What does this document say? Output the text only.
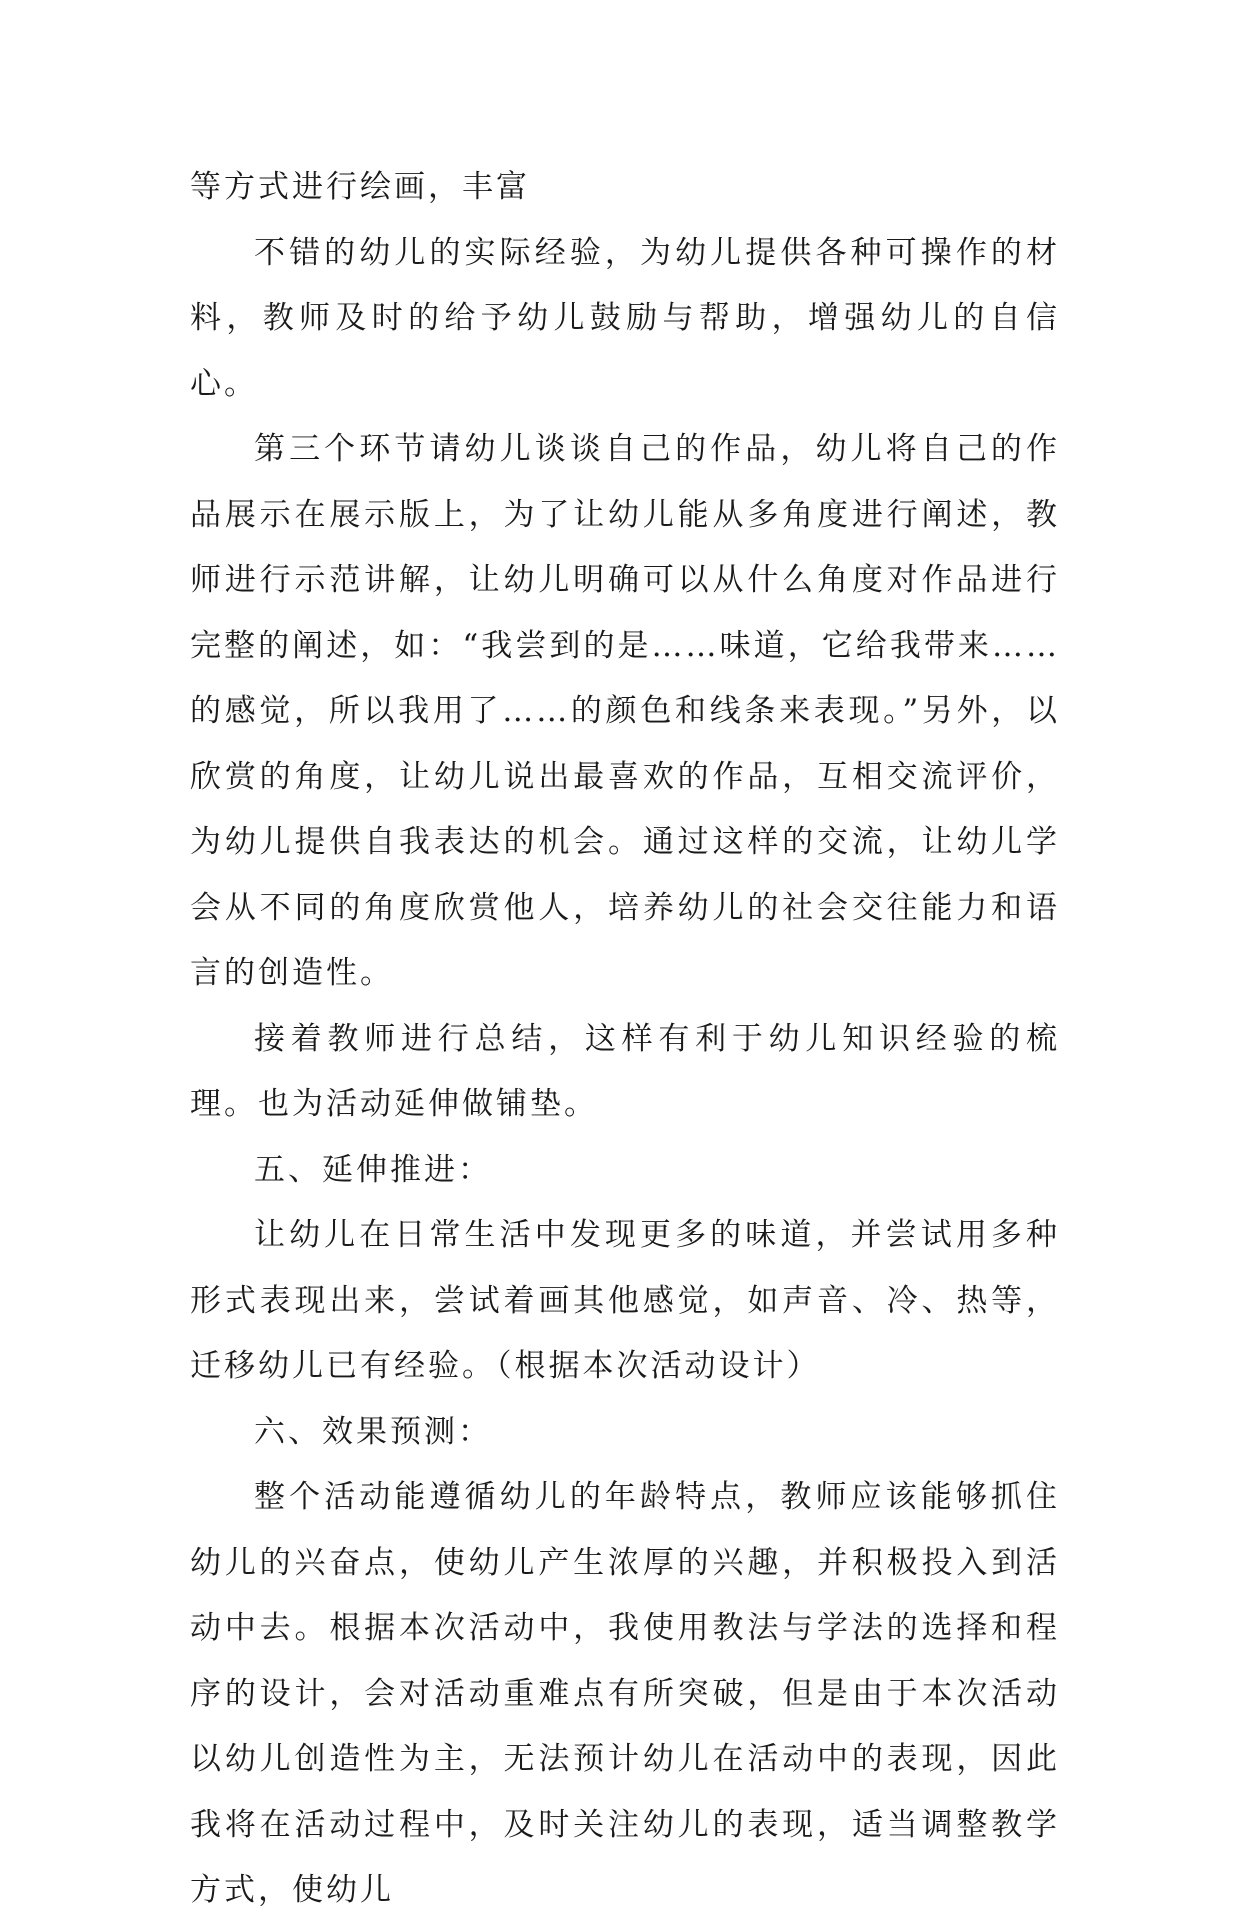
等方式进行绘画，丰富

不错的幼儿的实际经验，为幼儿提供各种可操作的材料，教师及时的给予幼儿鼓励与帮助，增强幼儿的自信心。

第三个环节请幼儿谈谈自己的作品，幼儿将自己的作品展示在展示版上，为了让幼儿能从多角度进行阐述，教师进行示范讲解，让幼儿明确可以从什么角度对作品进行完整的阐述，如：“我尝到的是……味道，它给我带来……的感觉，所以我用了……的颜色和线条来表现。”另外，以欣赏的角度，让幼儿说出最喜欢的作品，互相交流评价，为幼儿提供自我表达的机会。通过这样的交流，让幼儿学会从不同的角度欣赏他人，培养幼儿的社会交往能力和语言的创造性。

接着教师进行总结，这样有利于幼儿知识经验的梳理。也为活动延伸做铺垫。

五、延伸推进：

让幼儿在日常生活中发现更多的味道，并尝试用多种形式表现出来，尝试着画其他感觉，如声音、冷、热等，迁移幼儿已有经验。（根据本次活动设计）

六、效果预测：

整个活动能遵循幼儿的年龄特点，教师应该能够抓住幼儿的兴奋点，使幼儿产生浓厚的兴趣，并积极投入到活动中去。根据本次活动中，我使用教法与学法的选择和程序的设计，会对活动重难点有所突破，但是由于本次活动以幼儿创造性为主，无法预计幼儿在活动中的表现，因此我将在活动过程中，及时关注幼儿的表现，适当调整教学方式，使幼儿
